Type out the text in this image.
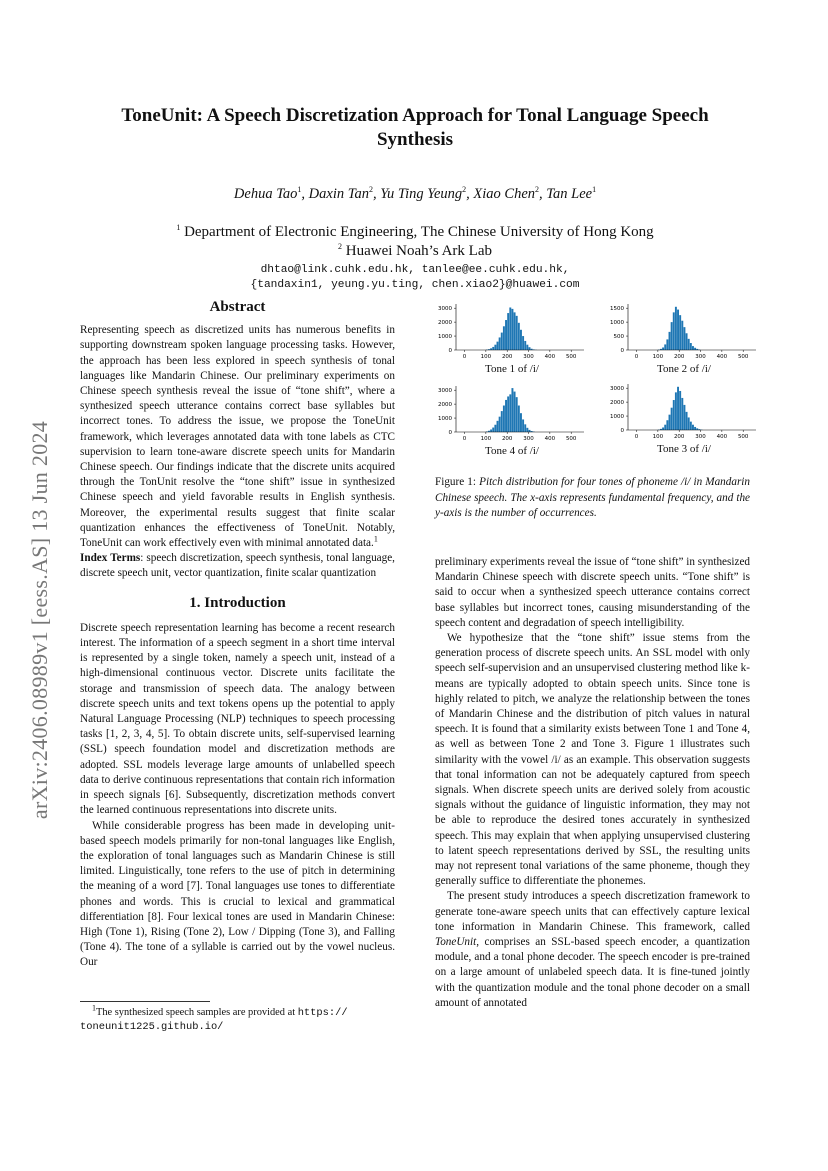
arXiv:2406.08989v1 [eess.AS] 13 Jun 2024
ToneUnit: A Speech Discretization Approach for Tonal Language Speech
Synthesis
Dehua Tao$^1$, Daxin Tan$^2$, Yu Ting Yeung$^2$, Xiao Chen$^2$, Tan Lee$^1$
$^1$ Department of Electronic Engineering, The Chinese University of Hong Kong
$^2$ Huawei Noah’s Ark Lab
dhtao@link.cuhk.edu.hk, tanlee@ee.cuhk.edu.hk,
{tandaxin1, yeung.yu.ting, chen.xiao2}@huawei.com
Abstract

Representing speech as discretized units has numerous benefits in supporting downstream spoken language processing tasks. However, the approach has been less explored in speech synthesis of tonal languages like Mandarin Chinese. Our preliminary experiments on Chinese speech synthesis reveal the issue of “tone shift”, where a synthesized speech utterance contains correct base syllables but incorrect tones. To address the issue, we propose the ToneUnit framework, which leverages annotated data with tone labels as CTC supervision to learn tone-aware discrete speech units for Mandarin Chinese speech. Our findings indicate that the discrete units acquired through the TonUnit resolve the “tone shift” issue in synthesized Chinese speech and yield favorable results in English synthesis. Moreover, the experimental results suggest that finite scalar quantization enhances the effectiveness of ToneUnit. Notably, ToneUnit can work effectively even with minimal annotated data.$^1$

Index Terms: speech discretization, speech synthesis, tonal language, discrete speech unit, vector quantization, finite scalar quantization

1. Introduction

Discrete speech representation learning has become a recent research interest. The information of a speech segment in a short time interval is represented by a single token, namely a speech unit, instead of a high-dimensional continuous vector. Discrete units facilitate the storage and transmission of speech data. The analogy between discrete speech units and text tokens opens up the potential to apply Natural Language Processing (NLP) techniques to speech processing tasks [1, 2, 3, 4, 5]. To obtain discrete units, self-supervised learning (SSL) speech foundation model and discretization methods are adopted. SSL models leverage large amounts of unlabelled speech data to derive continuous representations that contain rich information in speech signals [6]. Subsequently, discretization methods convert the learned continuous representations into discrete units.

While considerable progress has been made in developing unit-based speech models primarily for non-tonal languages like English, the exploration of tonal languages such as Mandarin Chinese is still limited. Linguistically, tone refers to the use of pitch in determining the meaning of a word [7]. Tonal languages use tones to differentiate phones and words. This is crucial to lexical and grammatical differentiation [8]. Four lexical tones are used in Mandarin Chinese: High (Tone 1), Rising (Tone 2), Low / Dipping (Tone 3), and Falling (Tone 4). The tone of a syllable is carried out by the vowel nucleus. Our

$^1$The synthesized speech samples are provided at https://
toneunit1225.github.io/
0	100 200 300 400 500
0
1000
2000
3000
Tone 1 of /i/
0	100 200 300 400 500
0
500
1000
1500
Tone 2 of /i/
0	100 200 300 400 500
0
1000
2000
3000
Tone 4 of /i/
0	100 200 300 400 500
0
1000
2000
3000
Tone 3 of /i/
Figure 1: Pitch distribution for four tones of phoneme /i/ in Mandarin Chinese speech. The x-axis represents fundamental frequency, and the y-axis is the number of occurrences.

preliminary experiments reveal the issue of “tone shift” in synthesized Mandarin Chinese speech with discrete speech units. “Tone shift” is said to occur when a synthesized speech utterance contains correct base syllables but incorrect tones, causing misunderstanding of the speech content and degradation of speech intelligibility.

We hypothesize that the “tone shift” issue stems from the generation process of discrete speech units. An SSL model with only speech self-supervision and an unsupervised clustering method like k-means are typically adopted to obtain speech units. Since tone is highly related to pitch, we analyze the relationship between the tones of Mandarin Chinese and the distribution of pitch values in natural speech. It is found that a similarity exists between Tone 1 and Tone 4, as well as between Tone 2 and Tone 3. Figure 1 illustrates such similarity with the vowel /i/ as an example. This observation suggests that tonal information can not be adequately captured from speech signals. When discrete speech units are derived solely from acoustic signals without the guidance of linguistic information, they may not be able to reproduce the desired tones accurately in synthesized speech. This may explain that when applying unsupervised clustering to latent speech representations derived by SSL, the resulting units may not represent tonal variations of the same phoneme, though they generally suffice to differentiate the phonemes.

The present study introduces a speech discretization framework to generate tone-aware speech units that can effectively capture lexical tone information in Mandarin Chinese. This framework, called ToneUnit, comprises an SSL-based speech encoder, a quantization module, and a tonal phone decoder. The speech encoder is pre-trained on a large amount of unlabeled speech data. It is fine-tuned jointly with the quantization module and the tonal phone decoder on a small amount of annotated
